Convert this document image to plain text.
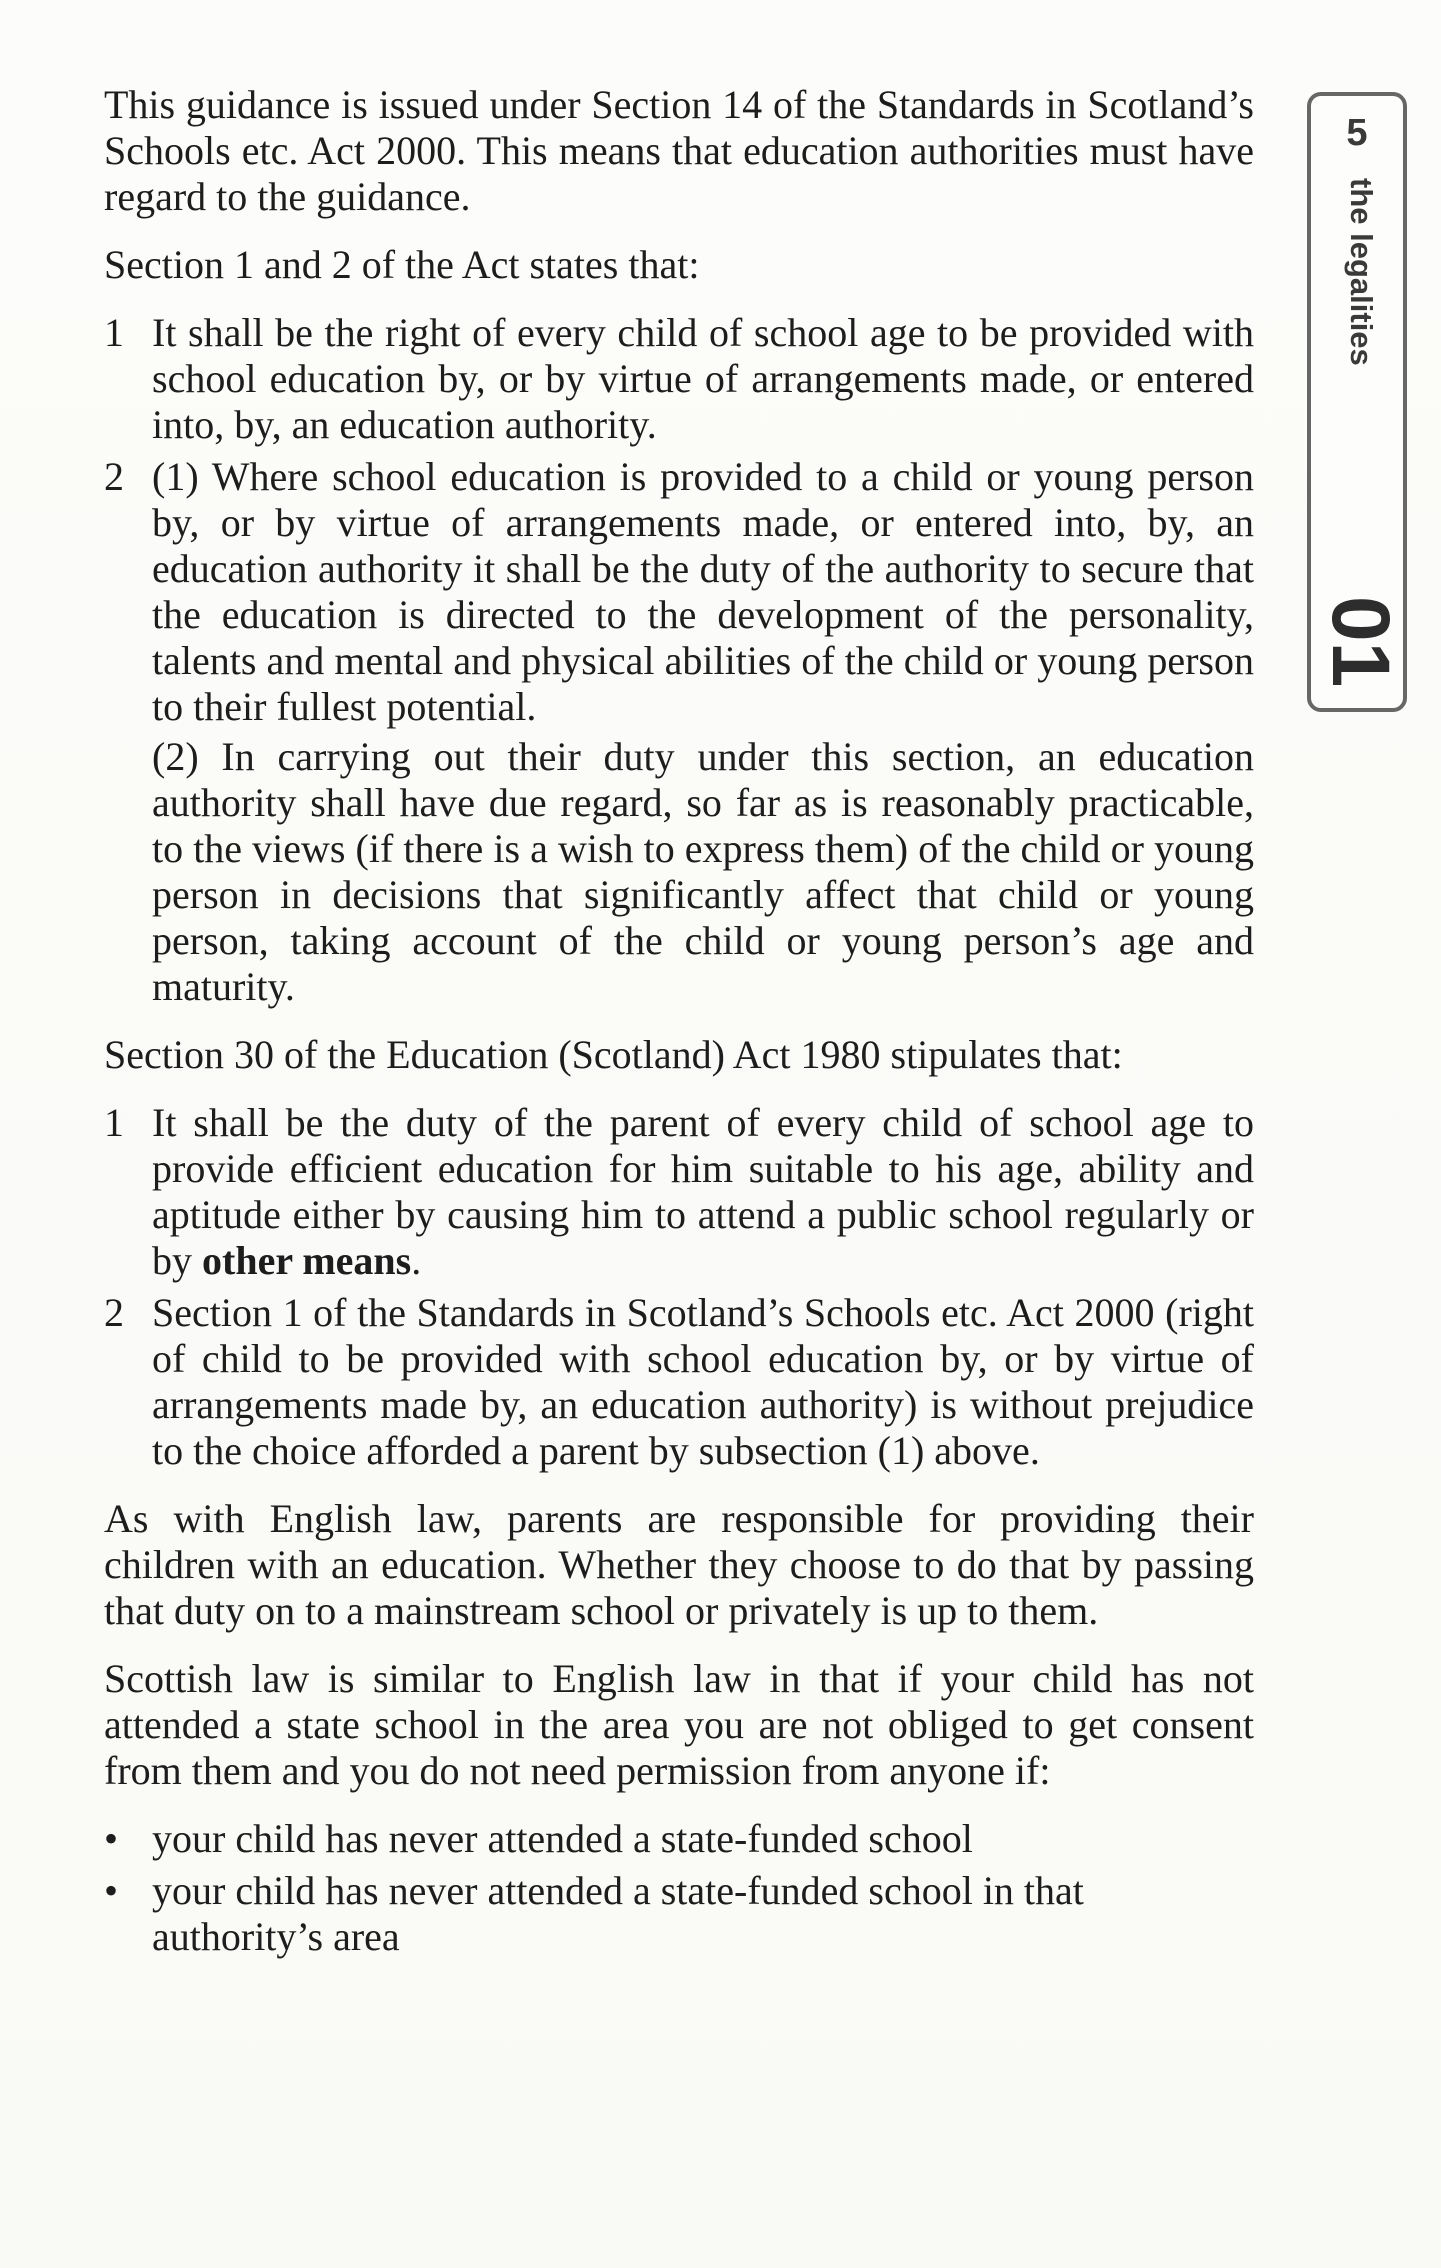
This guidance is issued under Section 14 of the Standards in Scotland’s Schools etc. Act 2000. This means that education authorities must have regard to the guidance.

Section 1 and 2 of the Act states that:

1 It shall be the right of every child of school age to be provided with school education by, or by virtue of arrangements made, or entered into, by, an education authority.
2 (1) Where school education is provided to a child or young person by, or by virtue of arrangements made, or entered into, by, an education authority it shall be the duty of the authority to secure that the education is directed to the development of the personality, talents and mental and physical abilities of the child or young person to their fullest potential.
(2) In carrying out their duty under this section, an education authority shall have due regard, so far as is reasonably practicable, to the views (if there is a wish to express them) of the child or young person in decisions that significantly affect that child or young person, taking account of the child or young person’s age and maturity.

Section 30 of the Education (Scotland) Act 1980 stipulates that:

1 It shall be the duty of the parent of every child of school age to provide efficient education for him suitable to his age, ability and aptitude either by causing him to attend a public school regularly or by other means.
2 Section 1 of the Standards in Scotland’s Schools etc. Act 2000 (right of child to be provided with school education by, or by virtue of arrangements made by, an education authority) is without prejudice to the choice afforded a parent by subsection (1) above.

As with English law, parents are responsible for providing their children with an education. Whether they choose to do that by passing that duty on to a mainstream school or privately is up to them.

Scottish law is similar to English law in that if your child has not attended a state school in the area you are not obliged to get consent from them and you do not need permission from anyone if:

• your child has never attended a state-funded school
• your child has never attended a state-funded school in that authority’s area
5
the legalities
01
